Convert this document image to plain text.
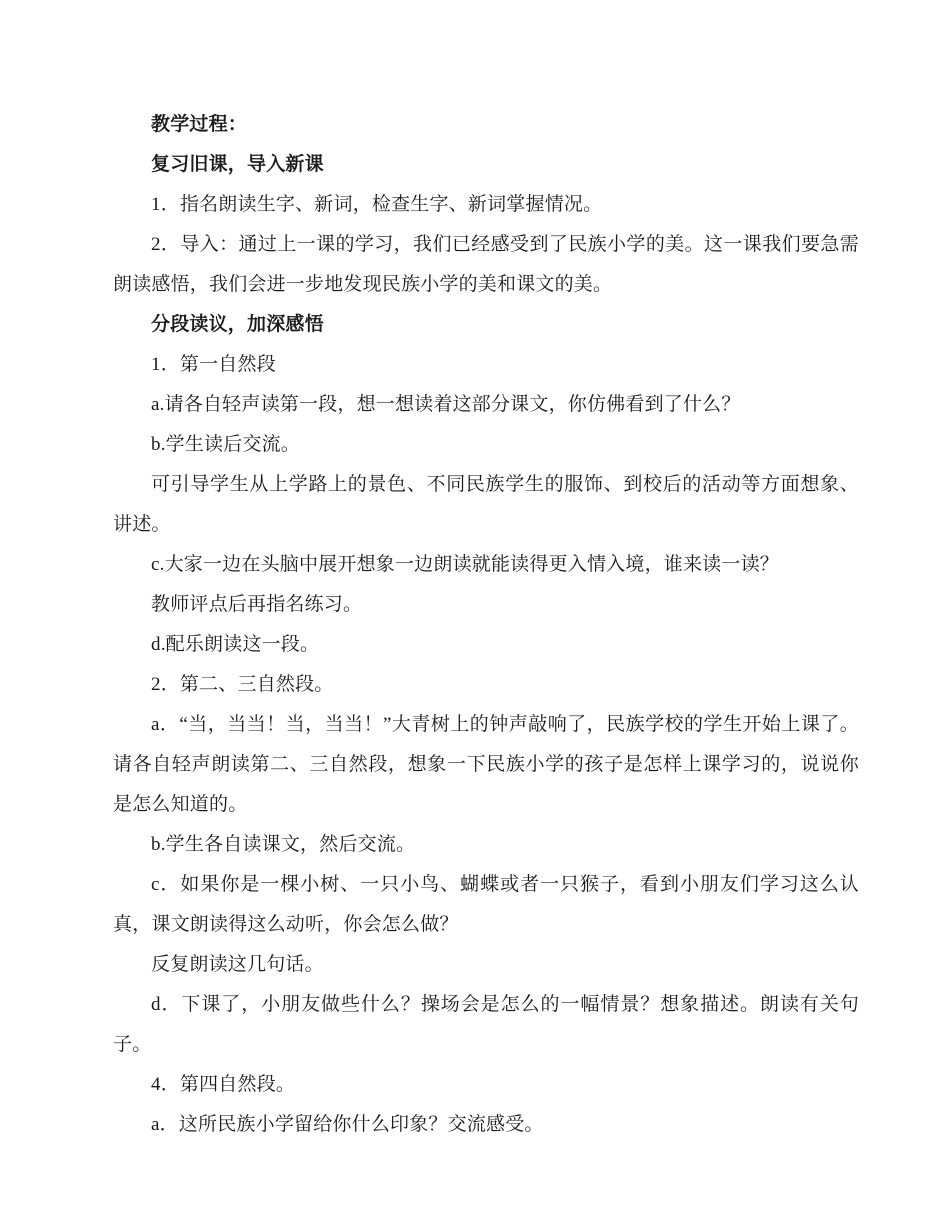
教学过程：

复习旧课，导入新课

1．指名朗读生字、新词，检查生字、新词掌握情况。

2．导入：通过上一课的学习，我们已经感受到了民族小学的美。这一课我们要急需朗读感悟，我们会进一步地发现民族小学的美和课文的美。

分段读议，加深感悟

1．第一自然段

a.请各自轻声读第一段，想一想读着这部分课文，你仿佛看到了什么？

b.学生读后交流。

可引导学生从上学路上的景色、不同民族学生的服饰、到校后的活动等方面想象、讲述。

c.大家一边在头脑中展开想象一边朗读就能读得更入情入境，谁来读一读？

教师评点后再指名练习。

d.配乐朗读这一段。

2．第二、三自然段。

a．“当，当当！当，当当！”大青树上的钟声敲响了，民族学校的学生开始上课了。请各自轻声朗读第二、三自然段，想象一下民族小学的孩子是怎样上课学习的，说说你是怎么知道的。

b.学生各自读课文，然后交流。

c．如果你是一棵小树、一只小鸟、蝴蝶或者一只猴子，看到小朋友们学习这么认真，课文朗读得这么动听，你会怎么做？

反复朗读这几句话。

d．下课了，小朋友做些什么？操场会是怎么的一幅情景？想象描述。朗读有关句子。

4．第四自然段。

a．这所民族小学留给你什么印象？交流感受。
